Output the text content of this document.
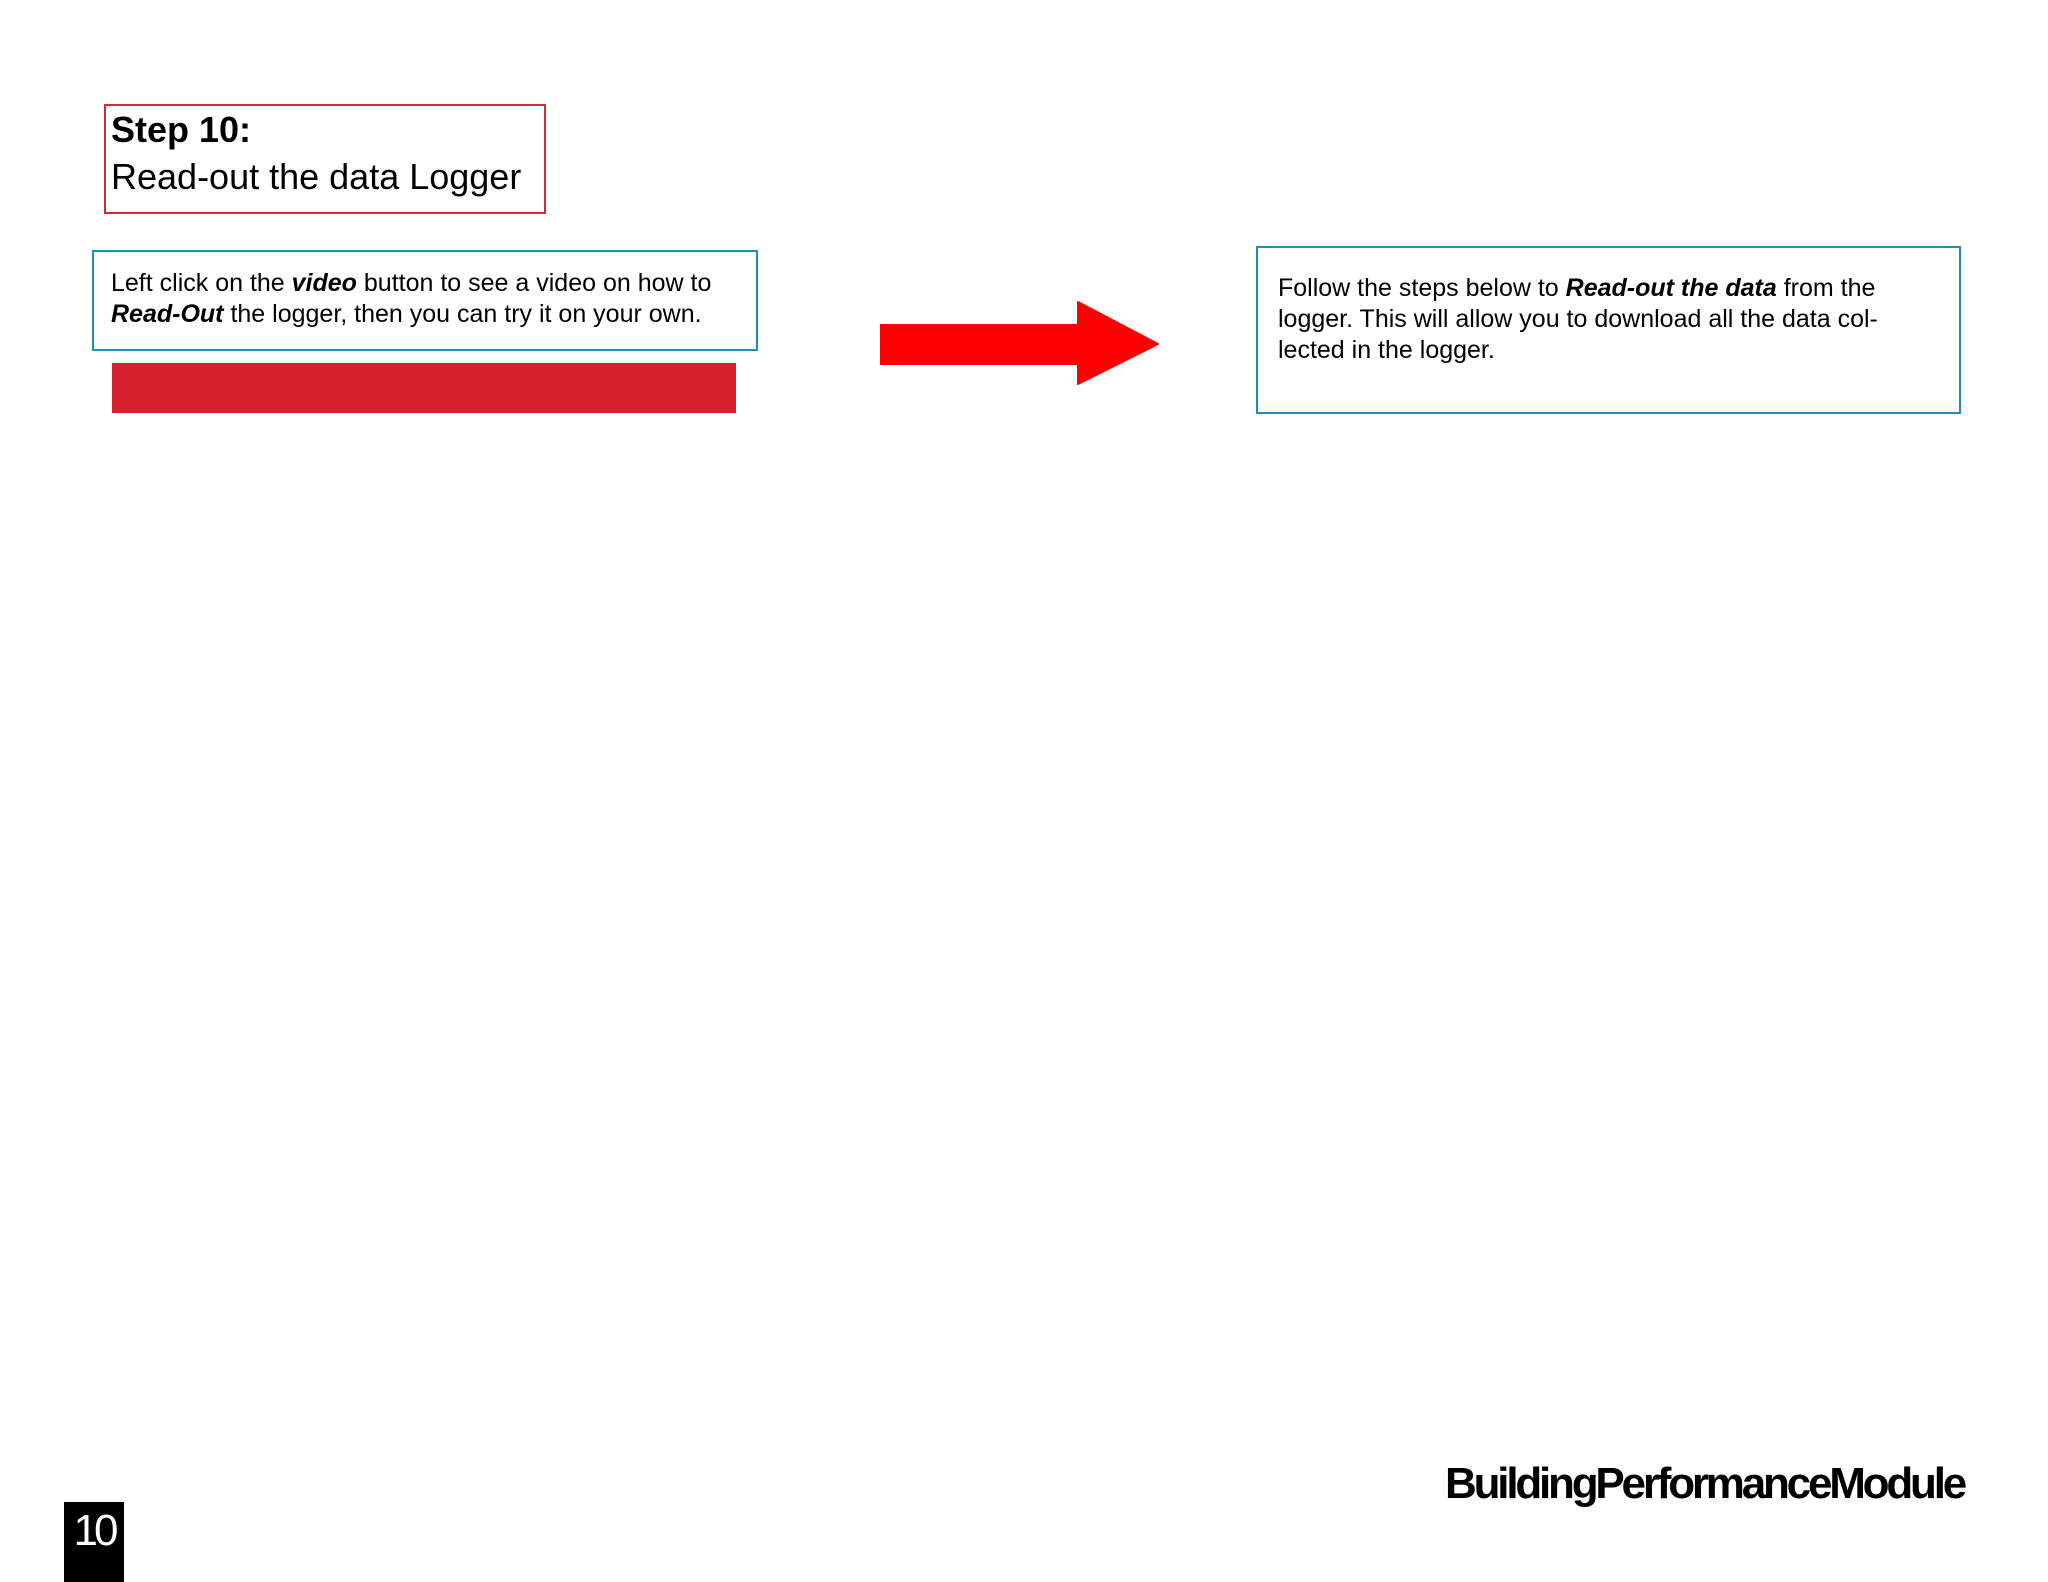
Step 10:
Read-out the data Logger
Left click on the video button to see a video on how to Read-Out the logger, then you can try it on your own.
Follow the steps below to Read-out the data from the logger. This will allow you to download all the data col-lected in the logger.
BuildingPerformanceModule
10
